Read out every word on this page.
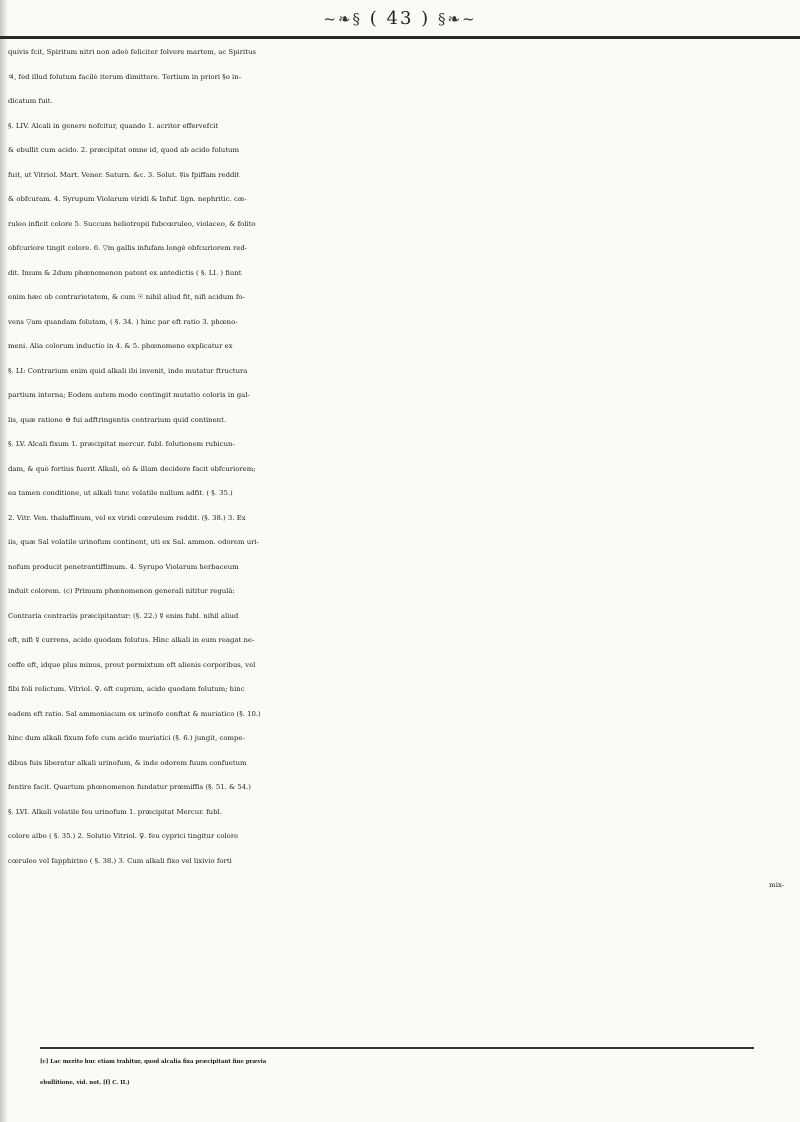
~❧§ ( 43 ) §❧~
quivis fcit, Spiritum nitri non adeò feliciter folvere martem, ac Spiritus
♃, fed illud folutum facilè iterum dimittere. Tertium in priori §o in-
dicatum fuit.
§. LIV. Alcali in genere nofcitur, quando 1. acriter effervefcit
& ebullit cum acido. 2. præcipitat omne id, quod ab acido folutum
fuit, ut Vitriol. Mart. Vener. Saturn. &c. 3. Solut. ☿is fpiffam reddit
& obfcuram. 4. Syrupum Violarum viridi & Infuf. lign. nephritic. cæ-
ruleo inficit colore 5. Succum heliotropii fubcœruleo, violaceo, & folito
obfcuriore tingit colore. 6. ▽m gallis infufam longè obfcuriorem red-
dit. Imum & 2dum phœnomenon patent ex antedictis ( §. LI. ) fiunt
enim hæc ob contrarietatem, & cum ☉ nihil aliud fit, nifi acidum fo-
vens ▽am quandam folutam, ( §. 34. ) hinc par eft ratio 3. phœno-
meni. Alia colorum inductio in 4. & 5. phœnomeno explicatur ex
§. LI: Contrarium enim quid alkali ibi invenit, inde mutatur ftructura
partium interna; Eodem autem modo contingit mutatio coloris in gal-
lis, quæ ratione ⊖ fui adftringentis contrarium quid continent.
§. LV. Alcali fixum 1. præcipitat mercur. fubl. folutionem rubicun-
dam, & quò fortius fuerit Alkali, eò & illam decidere facit obfcuriorem;
ea tamen conditione, ut alkali tunc volatile nullum adfit. ( §. 35.)
2. Vitr. Ven. thalaffinum, vel ex viridi cœruleum reddit. (§. 38.) 3. Ex
iis, quæ Sal volatile urinofum continent, uti ex Sal. ammon. odorem uri-
nofum producit penetrantiffimum. 4. Syrupo Violarum herbaceum
induit colorem. (c) Primum phœnomenon generali nititur regulâ:
Contraria contrariis præcipitantur: (§. 22.) ☿ enim fubl. nihil aliud
eft, nifi ☿ currens, acido quodam folutus. Hinc alkali in eum reagat ne-
ceffe eft, idque plus minus, prout permixtum eft alienis corporibus, vel
fibi foli relictum. Vitriol. ♀. eft cuprum, acido quodam folutum; hinc
eadem eft ratio. Sal ammoniacum ex urinofo conftat & muriatico (§. 10.)
hinc dum alkali fixum fefe cum acido muriatici (§. 6.) jungit, compe-
dibus fuis liberatur alkali urinofum, & inde odorem fuum confuetum
fentire facit. Quartum phœnomenon fundatur præmiffis (§. 51. & 54.)
§. LVI. Alkali volatile feu urinofum 1. præcipitat Mercur. fubl.
colore albo ( §. 35.) 2. Solutio Vitriol. ♀. feu cyprici tingitur colore
cœruleo vel fapphirino ( §. 38.) 3. Cum alkali fixo vel lixivio forti
mix-
[c] Lac merito huc etiam trahitur, quod alcalia fixa præcipitant fine prævia
ebullitione, vid. not. [f] C. II.)
